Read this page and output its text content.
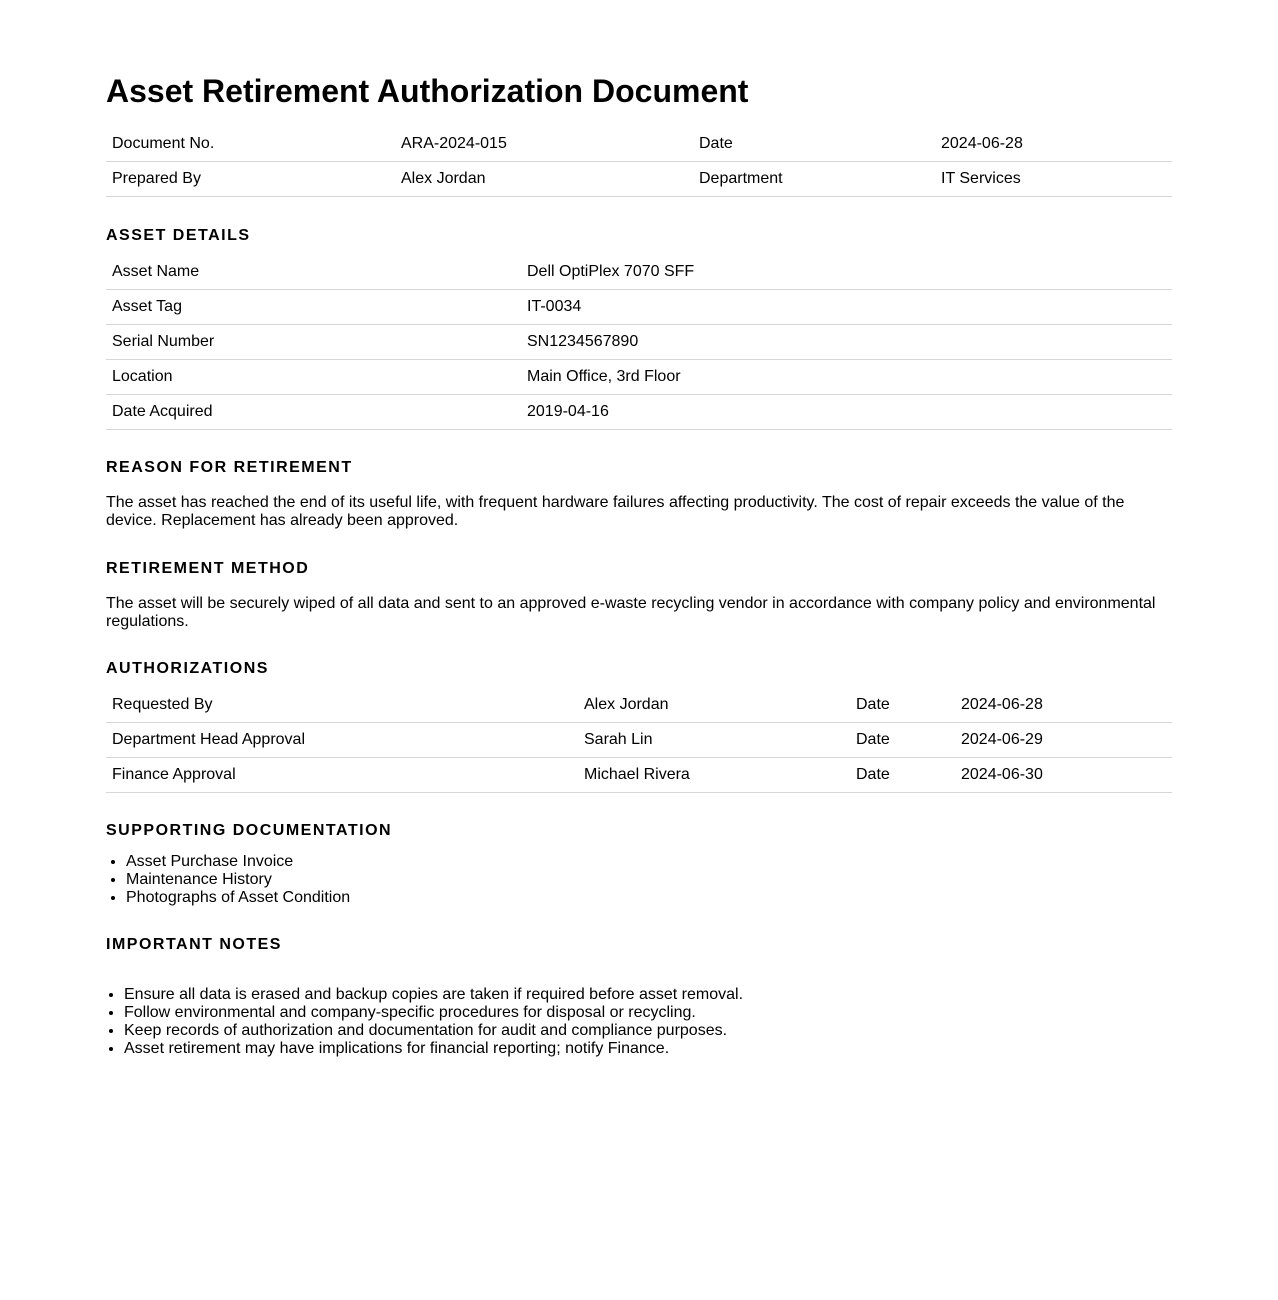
Asset Retirement Authorization Document
Document No.	ARA-2024-015	Date	2024-06-28
Prepared By	Alex Jordan	Department	IT Services
ASSET DETAILS
Asset Name	Dell OptiPlex 7070 SFF
Asset Tag	IT-0034
Serial Number	SN1234567890
Location	Main Office, 3rd Floor
Date Acquired	2019-04-16
REASON FOR RETIREMENT

The asset has reached the end of its useful life, with frequent hardware failures affecting productivity. The cost of repair exceeds the value of the device. Replacement has already been approved.

RETIREMENT METHOD

The asset will be securely wiped of all data and sent to an approved e-waste recycling vendor in accordance with company policy and environmental regulations.

AUTHORIZATIONS
Requested By	Alex Jordan	Date	2024-06-28
Department Head Approval	Sarah Lin	Date	2024-06-29
Finance Approval	Michael Rivera	Date	2024-06-30
SUPPORTING DOCUMENTATION
• Asset Purchase Invoice
• Maintenance History
• Photographs of Asset Condition
IMPORTANT NOTES
• Ensure all data is erased and backup copies are taken if required before asset removal.
• Follow environmental and company-specific procedures for disposal or recycling.
• Keep records of authorization and documentation for audit and compliance purposes.
• Asset retirement may have implications for financial reporting; notify Finance.
